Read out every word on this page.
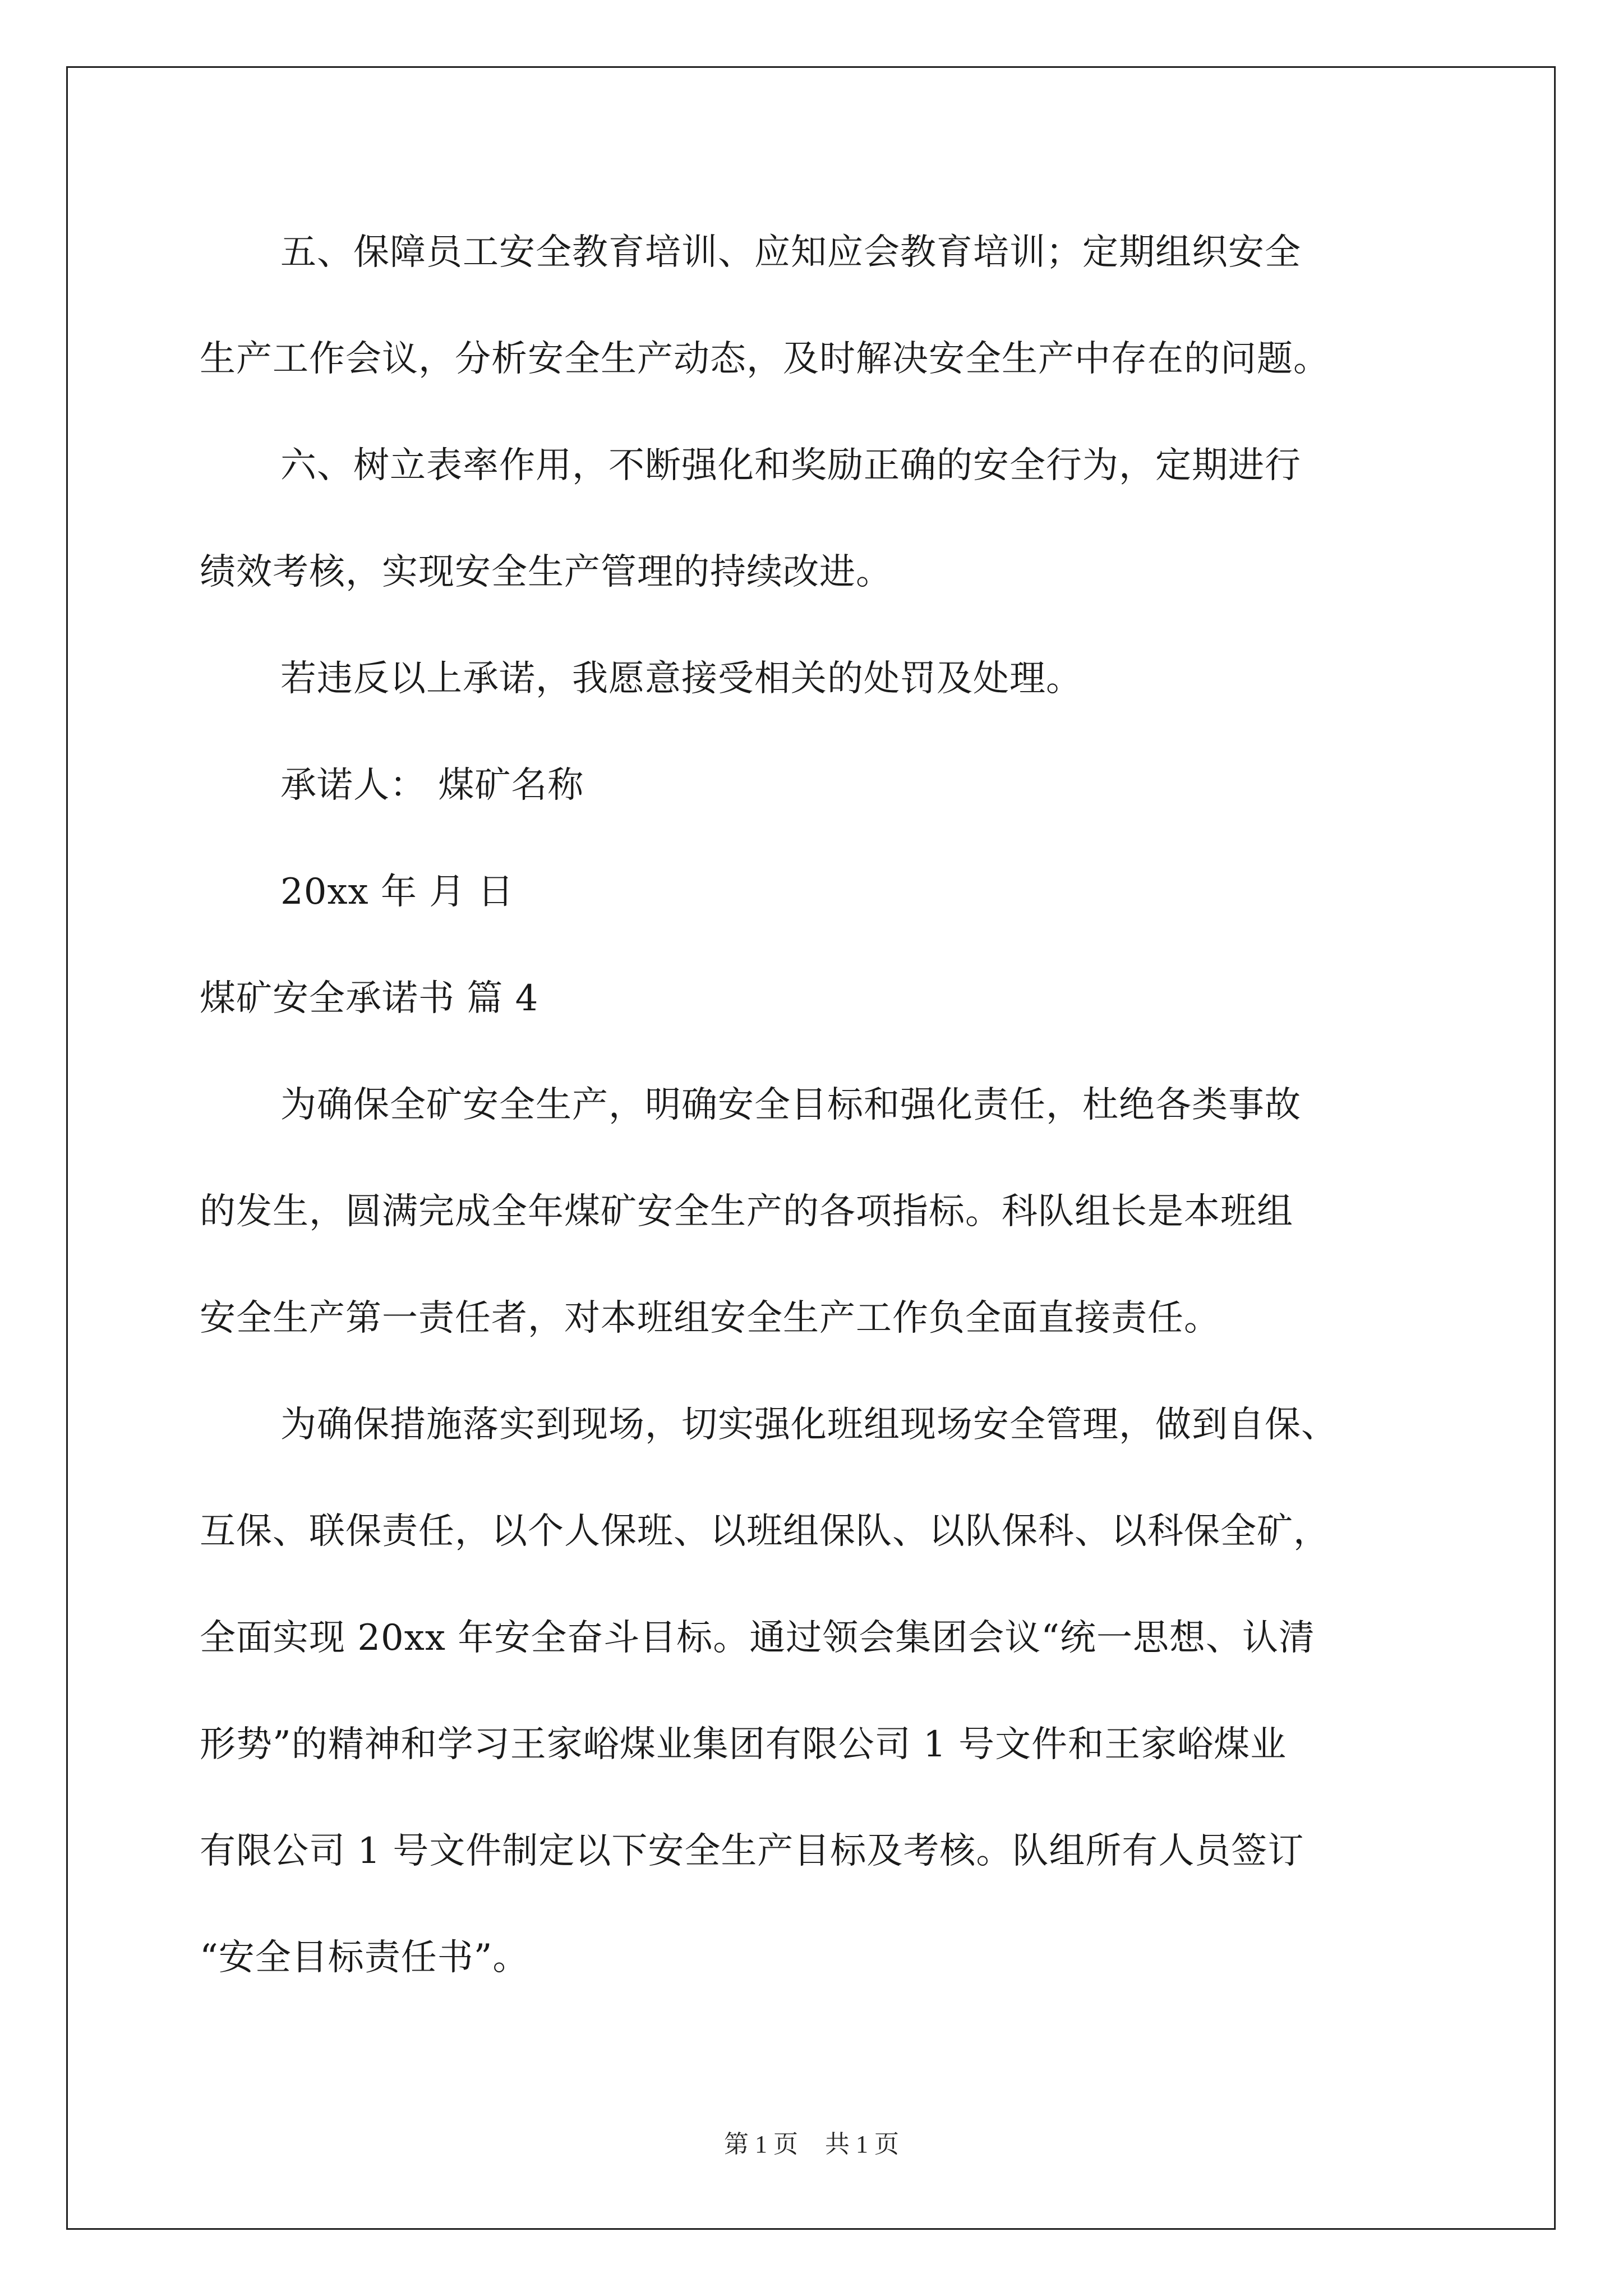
五、保障员工安全教育培训、应知应会教育培训；定期组织安全
生产工作会议，分析安全生产动态，及时解决安全生产中存在的问题。
六、树立表率作用，不断强化和奖励正确的安全行为，定期进行
绩效考核，实现安全生产管理的持续改进。
若违反以上承诺，我愿意接受相关的处罚及处理。
承诺人： 煤矿名称
20xx 年 月 日
煤矿安全承诺书 篇 4
为确保全矿安全生产，明确安全目标和强化责任，杜绝各类事故
的发生，圆满完成全年煤矿安全生产的各项指标。科队组长是本班组
安全生产第一责任者，对本班组安全生产工作负全面直接责任。
为确保措施落实到现场，切实强化班组现场安全管理，做到自保、
互保、联保责任，以个人保班、以班组保队、以队保科、以科保全矿，
全面实现 20xx 年安全奋斗目标。通过领会集团会议“统一思想、认清
形势”的精神和学习王家峪煤业集团有限公司 1 号文件和王家峪煤业
有限公司 1 号文件制定以下安全生产目标及考核。队组所有人员签订
“安全目标责任书”。
第 1 页 共 1 页
